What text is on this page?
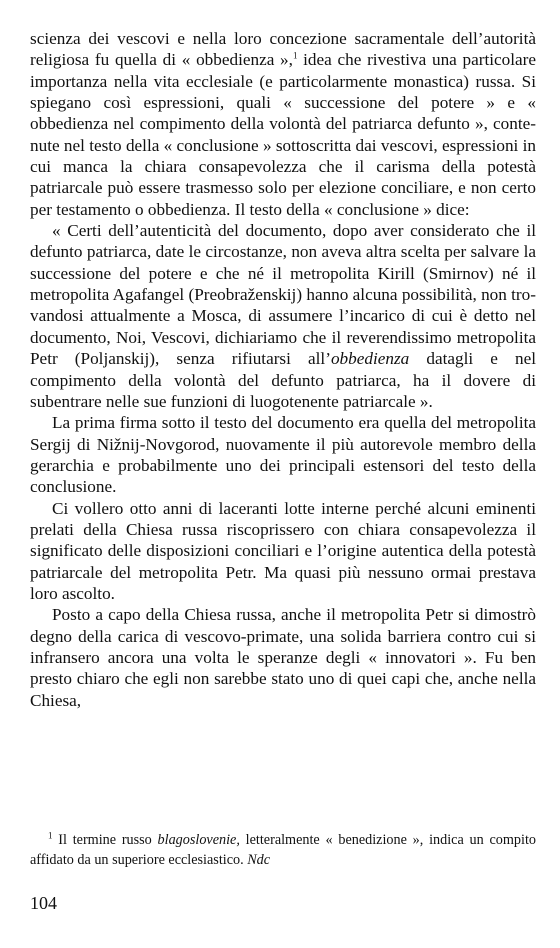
scienza dei vescovi e nella loro concezione sacramentale dell’autorità religiosa fu quella di « obbedienza »,$^1$ idea che rivestiva una particolare importanza nella vita ecclesiale (e particolarmente monastica) russa. Si spiegano così espressioni, quali « successione del potere » e « obbedienza nel compimento della volontà del patriarca defunto », contenute nel testo della « conclusione » sottoscritta dai vescovi, espressioni in cui manca la chiara consapevolezza che il carisma della potestà patriarcale può essere trasmesso solo per elezione conciliare, e non certo per testamento o obbedienza. Il testo della « conclusione » dice:

« Certi dell’autenticità del documento, dopo aver considerato che il defunto patriarca, date le circostanze, non aveva altra scelta per salvare la successione del potere e che né il metropolita Kirill (Smirnov) né il metropolita Agafangel (Preobraženskij) hanno alcuna possibilità, non trovandosi attualmente a Mosca, di assumere l’incarico di cui è detto nel documento, Noi, Vescovi, dichiariamo che il reverendissimo metropolita Petr (Poljanskij), senza rifiutarsi all’obbedienza datagli e nel compimento della volontà del defunto patriarca, ha il dovere di subentrare nelle sue funzioni di luogotenente patriarcale ».

La prima firma sotto il testo del documento era quella del metropolita Sergij di Nižnij-Novgorod, nuovamente il più autorevole membro della gerarchia e probabilmente uno dei principali estensori del testo della conclusione.

Ci vollero otto anni di laceranti lotte interne perché alcuni eminenti prelati della Chiesa russa riscoprissero con chiara consapevolezza il significato delle disposizioni conciliari e l’origine autentica della potestà patriarcale del metropolita Petr. Ma quasi più nessuno ormai prestava loro ascolto.

Posto a capo della Chiesa russa, anche il metropolita Petr si dimostrò degno della carica di vescovo-primate, una solida barriera contro cui si infransero ancora una volta le speranze degli « innovatori ». Fu ben presto chiaro che egli non sarebbe stato uno di quei capi che, anche nella Chiesa,

$^1$ Il termine russo blagoslovenie, letteralmente « benedizione », indica un compito affidato da un superiore ecclesiastico. Ndc

104
